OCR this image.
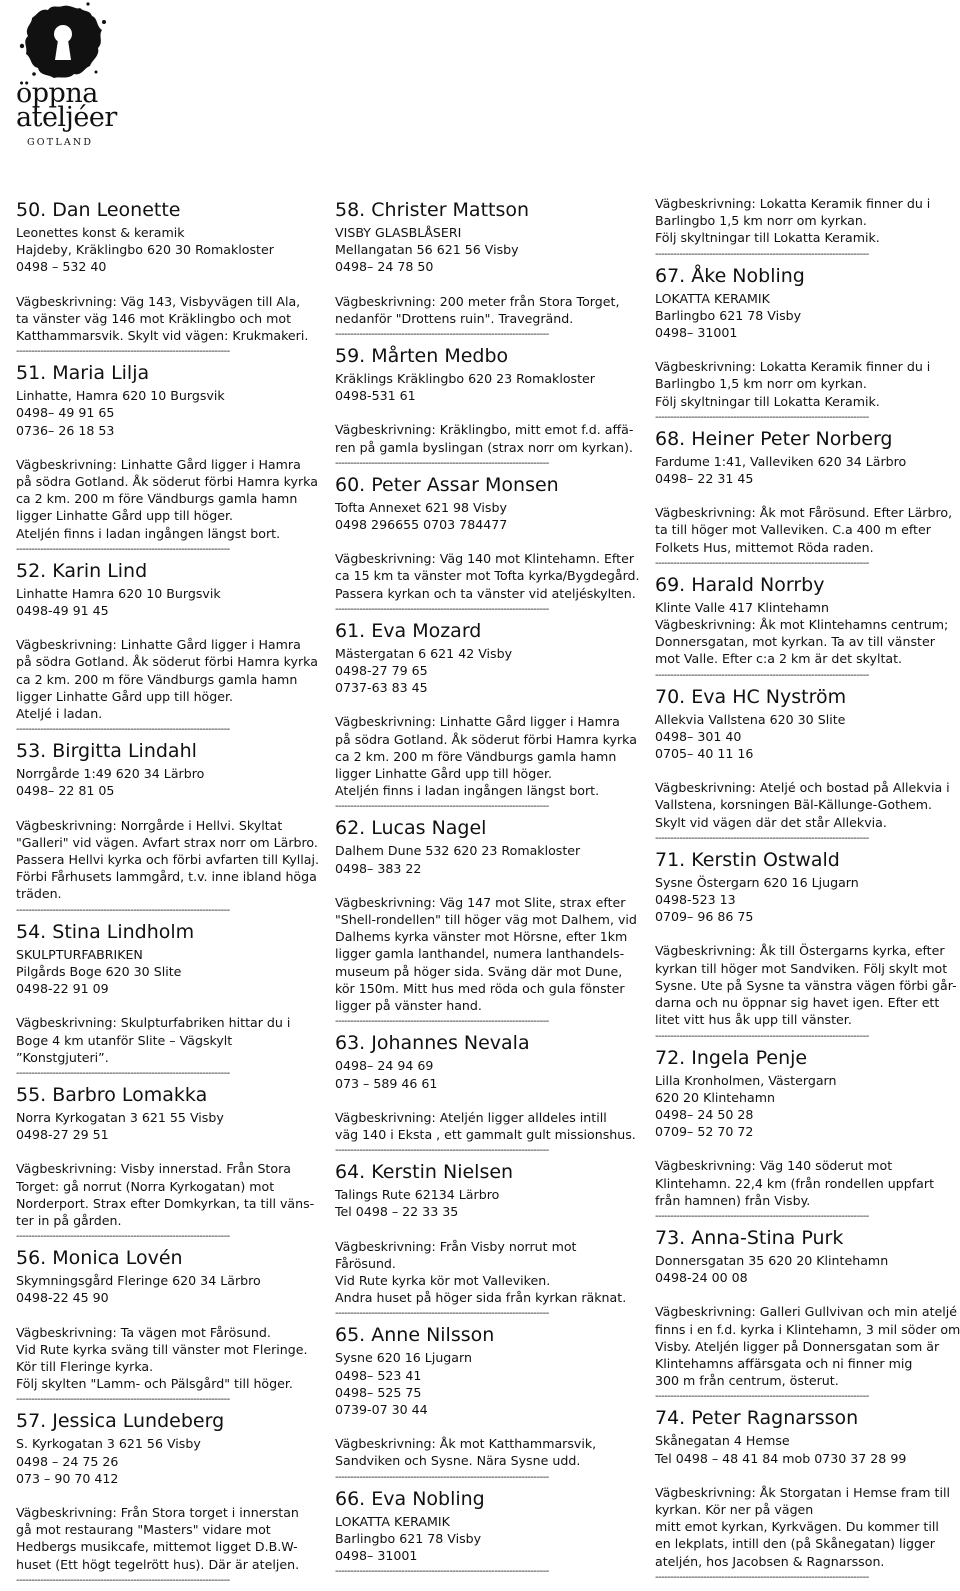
öppna
ateljéer
GOTLAND
50. Dan Leonette
Leonettes konst & keramik
Hajdeby, Kräklingbo 620 30 Romakloster
0498 – 532 40
Vägbeskrivning: Väg 143, Visbyvägen till Ala,
ta vänster väg 146 mot Kräklingbo och mot
Katthammarsvik. Skylt vid vägen: Krukmakeri.
-----------------------------------------------------------------------
51. Maria Lilja
Linhatte, Hamra 620 10 Burgsvik
0498– 49 91 65
0736– 26 18 53
Vägbeskrivning: Linhatte Gård ligger i Hamra
på södra Gotland. Åk söderut förbi Hamra kyrka
ca 2 km. 200 m före Vändburgs gamla hamn
ligger Linhatte Gård upp till höger.
Ateljén finns i ladan ingången längst bort.
-----------------------------------------------------------------------
52. Karin Lind
Linhatte Hamra 620 10 Burgsvik
0498-49 91 45
Vägbeskrivning: Linhatte Gård ligger i Hamra
på södra Gotland. Åk söderut förbi Hamra kyrka
ca 2 km. 200 m före Vändburgs gamla hamn
ligger Linhatte Gård upp till höger.
Ateljé i ladan.
-----------------------------------------------------------------------
53. Birgitta Lindahl
Norrgårde 1:49 620 34 Lärbro
0498– 22 81 05
Vägbeskrivning: Norrgårde i Hellvi. Skyltat
"Galleri" vid vägen. Avfart strax norr om Lärbro.
Passera Hellvi kyrka och förbi avfarten till Kyllaj.
Förbi Fårhusets lammgård, t.v. inne ibland höga
träden.
-----------------------------------------------------------------------
54. Stina Lindholm
SKULPTURFABRIKEN
Pilgårds Boge 620 30 Slite
0498-22 91 09
Vägbeskrivning: Skulpturfabriken hittar du i
Boge 4 km utanför Slite – Vägskylt
”Konstgjuteri”.
-----------------------------------------------------------------------
55. Barbro Lomakka
Norra Kyrkogatan 3 621 55 Visby
0498-27 29 51
Vägbeskrivning: Visby innerstad. Från Stora
Torget: gå norrut (Norra Kyrkogatan) mot
Norderport. Strax efter Domkyrkan, ta till väns-
ter in på gården.
-----------------------------------------------------------------------
56. Monica Lovén
Skymningsgård Fleringe 620 34 Lärbro
0498-22 45 90
Vägbeskrivning: Ta vägen mot Fårösund.
Vid Rute kyrka sväng till vänster mot Fleringe.
Kör till Fleringe kyrka.
Följ skylten "Lamm- och Pälsgård" till höger.
-----------------------------------------------------------------------
57. Jessica Lundeberg
S. Kyrkogatan 3 621 56 Visby
0498 – 24 75 26
073 – 90 70 412
Vägbeskrivning: Från Stora torget i innerstan
gå mot restaurang "Masters" vidare mot
Hedbergs musikcafe, mittemot ligget D.B.W-
huset (Ett högt tegelrött hus). Där är ateljen.
-----------------------------------------------------------------------
58. Christer Mattson
VISBY GLASBLÅSERI
Mellangatan 56 621 56 Visby
0498– 24 78 50
Vägbeskrivning: 200 meter från Stora Torget,
nedanför "Drottens ruin". Travegränd.
-----------------------------------------------------------------------
59. Mårten Medbo
Kräklings Kräklingbo 620 23 Romakloster
0498-531 61
Vägbeskrivning: Kräklingbo, mitt emot f.d. affä-
ren på gamla byslingan (strax norr om kyrkan).
-----------------------------------------------------------------------
60. Peter Assar Monsen
Tofta Annexet 621 98 Visby
0498 296655 0703 784477
Vägbeskrivning: Väg 140 mot Klintehamn. Efter
ca 15 km ta vänster mot Tofta kyrka/Bygdegård.
Passera kyrkan och ta vänster vid ateljéskylten.
-----------------------------------------------------------------------
61. Eva Mozard
Mästergatan 6 621 42 Visby
0498-27 79 65
0737-63 83 45
Vägbeskrivning: Linhatte Gård ligger i Hamra
på södra Gotland. Åk söderut förbi Hamra kyrka
ca 2 km. 200 m före Vändburgs gamla hamn
ligger Linhatte Gård upp till höger.
Ateljén finns i ladan ingången längst bort.
-----------------------------------------------------------------------
62. Lucas Nagel
Dalhem Dune 532 620 23 Romakloster
0498– 383 22
Vägbeskrivning: Väg 147 mot Slite, strax efter
"Shell-rondellen" till höger väg mot Dalhem, vid
Dalhems kyrka vänster mot Hörsne, efter 1km
ligger gamla lanthandel, numera lanthandels-
museum på höger sida. Sväng där mot Dune,
kör 150m. Mitt hus med röda och gula fönster
ligger på vänster hand.
-----------------------------------------------------------------------
63. Johannes Nevala
0498– 24 94 69
073 – 589 46 61
Vägbeskrivning: Ateljén ligger alldeles intill
väg 140 i Eksta , ett gammalt gult missionshus.
-----------------------------------------------------------------------
64. Kerstin Nielsen
Talings Rute 62134 Lärbro
Tel 0498 – 22 33 35
Vägbeskrivning: Från Visby norrut mot
Fårösund.
Vid Rute kyrka kör mot Valleviken.
Andra huset på höger sida från kyrkan räknat.
-----------------------------------------------------------------------
65. Anne Nilsson
Sysne 620 16 Ljugarn
0498– 523 41
0498– 525 75
0739-07 30 44
Vägbeskrivning: Åk mot Katthammarsvik,
Sandviken och Sysne. Nära Sysne udd.
-----------------------------------------------------------------------
66. Eva Nobling
LOKATTA KERAMIK
Barlingbo 621 78 Visby
0498– 31001
-----------------------------------------------------------------------
Vägbeskrivning: Lokatta Keramik finner du i
Barlingbo 1,5 km norr om kyrkan.
Följ skyltningar till Lokatta Keramik.
-----------------------------------------------------------------------
67. Åke Nobling
LOKATTA KERAMIK
Barlingbo 621 78 Visby
0498– 31001
Vägbeskrivning: Lokatta Keramik finner du i
Barlingbo 1,5 km norr om kyrkan.
Följ skyltningar till Lokatta Keramik.
-----------------------------------------------------------------------
68. Heiner Peter Norberg
Fardume 1:41, Valleviken 620 34 Lärbro
0498– 22 31 45
Vägbeskrivning: Åk mot Fårösund. Efter Lärbro,
ta till höger mot Valleviken. C.a 400 m efter
Folkets Hus, mittemot Röda raden.
-----------------------------------------------------------------------
69. Harald Norrby
Klinte Valle 417 Klintehamn
Vägbeskrivning: Åk mot Klintehamns centrum;
Donnersgatan, mot kyrkan. Ta av till vänster
mot Valle. Efter c:a 2 km är det skyltat.
-----------------------------------------------------------------------
70. Eva HC Nyström
Allekvia Vallstena 620 30 Slite
0498– 301 40
0705– 40 11 16
Vägbeskrivning: Ateljé och bostad på Allekvia i
Vallstena, korsningen Bäl-Källunge-Gothem.
Skylt vid vägen där det står Allekvia.
-----------------------------------------------------------------------
71. Kerstin Ostwald
Sysne Östergarn 620 16 Ljugarn
0498-523 13
0709– 96 86 75
Vägbeskrivning: Åk till Östergarns kyrka, efter
kyrkan till höger mot Sandviken. Följ skylt mot
Sysne. Ute på Sysne ta vänstra vägen förbi går-
darna och nu öppnar sig havet igen. Efter ett
litet vitt hus åk upp till vänster.
-----------------------------------------------------------------------
72. Ingela Penje
Lilla Kronholmen, Västergarn
620 20 Klintehamn
0498– 24 50 28
0709– 52 70 72
Vägbeskrivning: Väg 140 söderut mot
Klintehamn. 22,4 km (från rondellen uppfart
från hamnen) från Visby.
-----------------------------------------------------------------------
73. Anna-Stina Purk
Donnersgatan 35 620 20 Klintehamn
0498-24 00 08
Vägbeskrivning: Galleri Gullvivan och min ateljé
finns i en f.d. kyrka i Klintehamn, 3 mil söder om
Visby. Ateljén ligger på Donnersgatan som är
Klintehamns affärsgata och ni finner mig
300 m från centrum, österut.
-----------------------------------------------------------------------
74. Peter Ragnarsson
Skånegatan 4 Hemse
Tel 0498 – 48 41 84 mob 0730 37 28 99
Vägbeskrivning: Åk Storgatan i Hemse fram till
kyrkan. Kör ner på vägen
mitt emot kyrkan, Kyrkvägen. Du kommer till
en lekplats, intill den (på Skånegatan) ligger
ateljén, hos Jacobsen & Ragnarsson.
-----------------------------------------------------------------------
